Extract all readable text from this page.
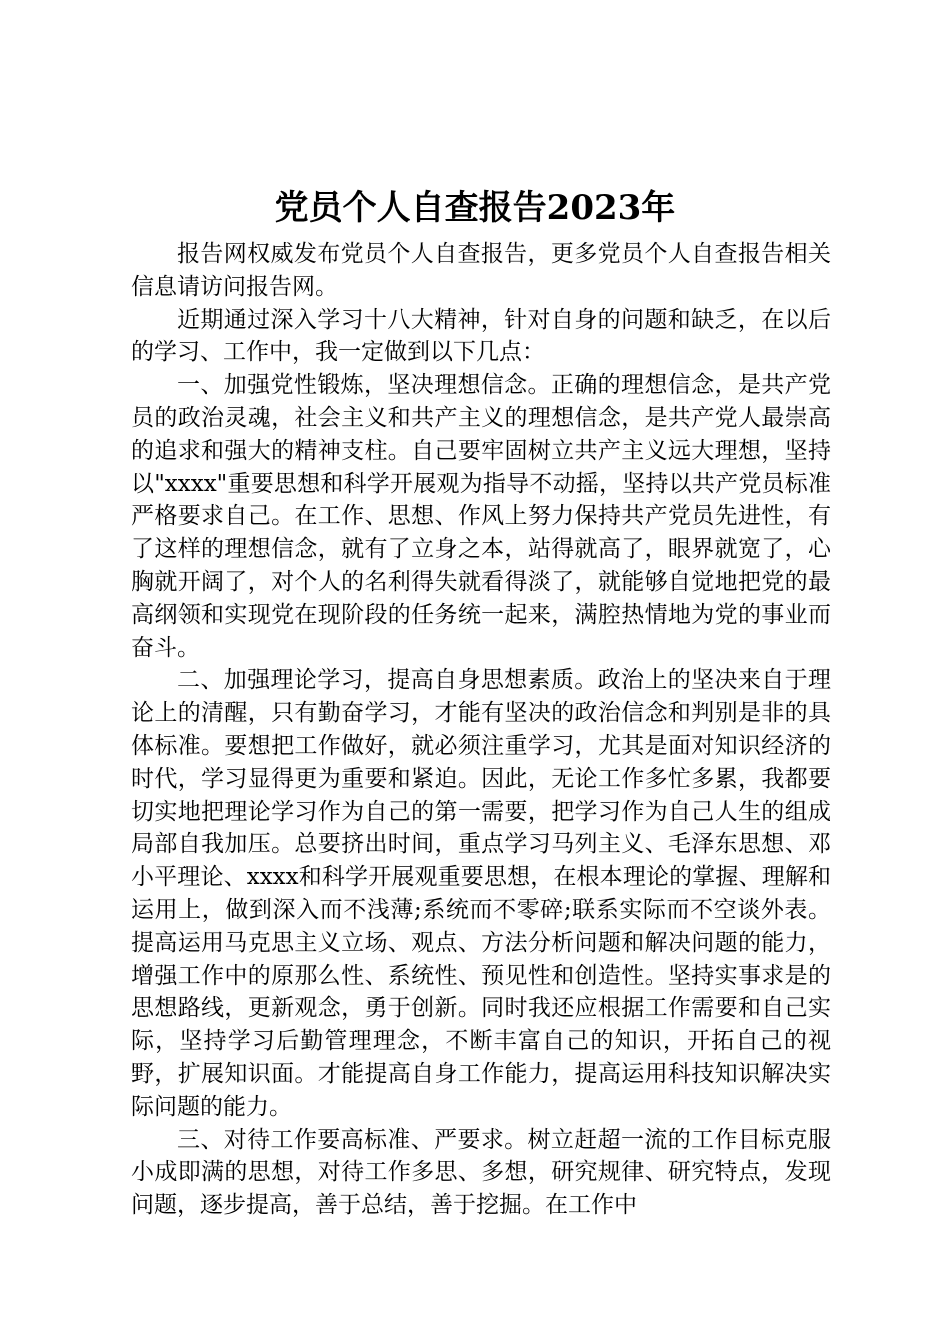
党员个人自查报告2023年

报告网权威发布党员个人自查报告，更多党员个人自查报告相关信息请访问报告网。

近期通过深入学习十八大精神，针对自身的问题和缺乏，在以后的学习、工作中，我一定做到以下几点：

一、加强党性锻炼，坚决理想信念。正确的理想信念，是共产党员的政治灵魂，社会主义和共产主义的理想信念，是共产党人最崇高的追求和强大的精神支柱。自己要牢固树立共产主义远大理想，坚持以"xxxx"重要思想和科学开展观为指导不动摇，坚持以共产党员标准严格要求自己。在工作、思想、作风上努力保持共产党员先进性，有了这样的理想信念，就有了立身之本，站得就高了，眼界就宽了，心胸就开阔了，对个人的名利得失就看得淡了，就能够自觉地把党的最高纲领和实现党在现阶段的任务统一起来，满腔热情地为党的事业而奋斗。

二、加强理论学习，提高自身思想素质。政治上的坚决来自于理论上的清醒，只有勤奋学习，才能有坚决的政治信念和判别是非的具体标准。要想把工作做好，就必须注重学习，尤其是面对知识经济的时代，学习显得更为重要和紧迫。因此，无论工作多忙多累，我都要切实地把理论学习作为自己的第一需要，把学习作为自己人生的组成局部自我加压。总要挤出时间，重点学习马列主义、毛泽东思想、邓小平理论、xxxx和科学开展观重要思想，在根本理论的掌握、理解和运用上，做到深入而不浅薄;系统而不零碎;联系实际而不空谈外表。提高运用马克思主义立场、观点、方法分析问题和解决问题的能力，增强工作中的原那么性、系统性、预见性和创造性。坚持实事求是的思想路线，更新观念，勇于创新。同时我还应根据工作需要和自己实际，坚持学习后勤管理理念，不断丰富自己的知识，开拓自己的视野，扩展知识面。才能提高自身工作能力，提高运用科技知识解决实际问题的能力。

三、对待工作要高标准、严要求。树立赶超一流的工作目标克服小成即满的思想，对待工作多思、多想，研究规律、研究特点，发现问题，逐步提高，善于总结，善于挖掘。在工作中
